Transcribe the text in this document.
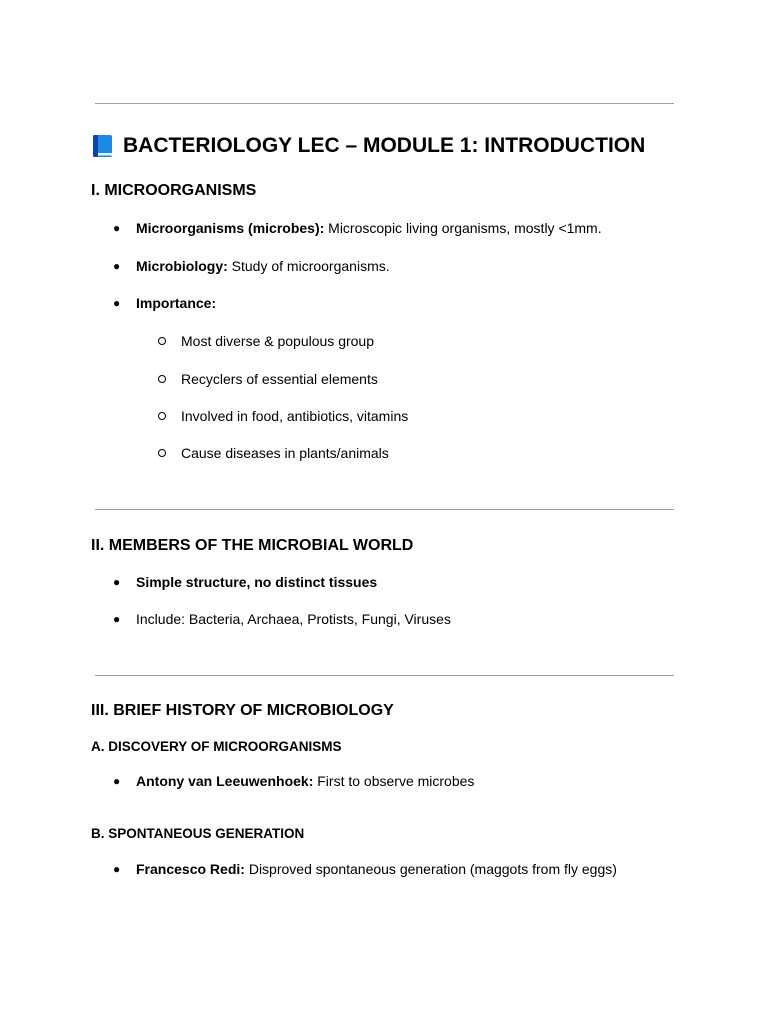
BACTERIOLOGY LEC – MODULE 1: INTRODUCTION
I. MICROORGANISMS
● Microorganisms (microbes): Microscopic living organisms, mostly <1mm.
● Microbiology: Study of microorganisms.
● Importance:
Most diverse & populous group
Recyclers of essential elements
Involved in food, antibiotics, vitamins
Cause diseases in plants/animals
II. MEMBERS OF THE MICROBIAL WORLD
● Simple structure, no distinct tissues
● Include: Bacteria, Archaea, Protists, Fungi, Viruses
III. BRIEF HISTORY OF MICROBIOLOGY
A. DISCOVERY OF MICROORGANISMS
● Antony van Leeuwenhoek: First to observe microbes
B. SPONTANEOUS GENERATION
● Francesco Redi: Disproved spontaneous generation (maggots from fly eggs)
